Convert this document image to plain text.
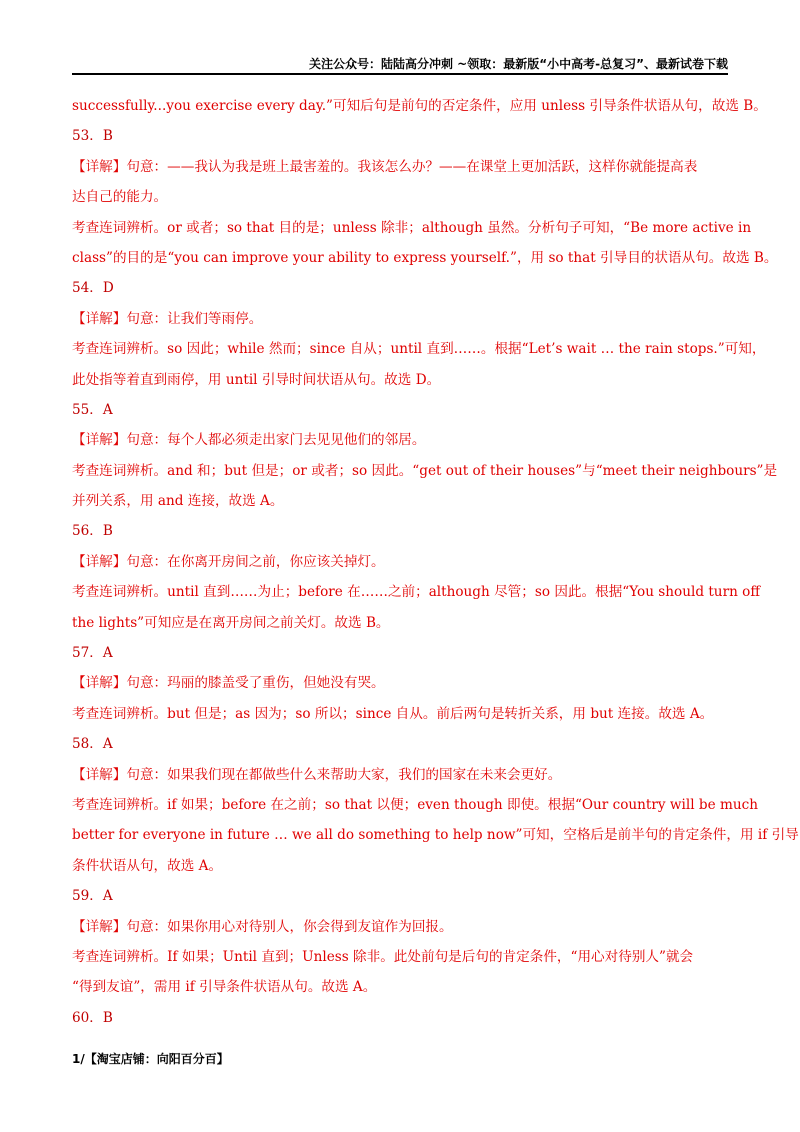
关注公众号：陆陆高分冲刺 ~领取：最新版“小中高考-总复习”、最新试卷下载
successfully...you exercise every day.”可知后句是前句的否定条件，应用 unless 引导条件状语从句，故选 B。
53．B
【详解】句意：——我认为我是班上最害羞的。我该怎么办？——在课堂上更加活跃，这样你就能提高表
达自己的能力。
考查连词辨析。or 或者；so that 目的是；unless 除非；although 虽然。分析句子可知，“Be more active in
class”的目的是“you can improve your ability to express yourself.”，用 so that 引导目的状语从句。故选 B。
54．D
【详解】句意：让我们等雨停。
考查连词辨析。so 因此；while 然而；since 自从；until 直到……。根据“Let’s wait … the rain stops.”可知，
此处指等着直到雨停，用 until 引导时间状语从句。故选 D。
55．A
【详解】句意：每个人都必须走出家门去见见他们的邻居。
考查连词辨析。and 和；but 但是；or 或者；so 因此。“get out of their houses”与“meet their neighbours”是
并列关系，用 and 连接，故选 A。
56．B
【详解】句意：在你离开房间之前，你应该关掉灯。
考查连词辨析。until 直到……为止；before 在……之前；although 尽管；so 因此。根据“You should turn off
the lights”可知应是在离开房间之前关灯。故选 B。
57．A
【详解】句意：玛丽的膝盖受了重伤，但她没有哭。
考查连词辨析。but 但是；as 因为；so 所以；since 自从。前后两句是转折关系，用 but 连接。故选 A。
58．A
【详解】句意：如果我们现在都做些什么来帮助大家，我们的国家在未来会更好。
考查连词辨析。if 如果；before 在之前；so that 以便；even though 即使。根据“Our country will be much
better for everyone in future … we all do something to help now”可知，空格后是前半句的肯定条件，用 if 引导
条件状语从句，故选 A。
59．A
【详解】句意：如果你用心对待别人，你会得到友谊作为回报。
考查连词辨析。If 如果；Until 直到；Unless 除非。此处前句是后句的肯定条件，“用心对待别人”就会
“得到友谊”，需用 if 引导条件状语从句。故选 A。
60．B
1/【淘宝店铺：向阳百分百】
